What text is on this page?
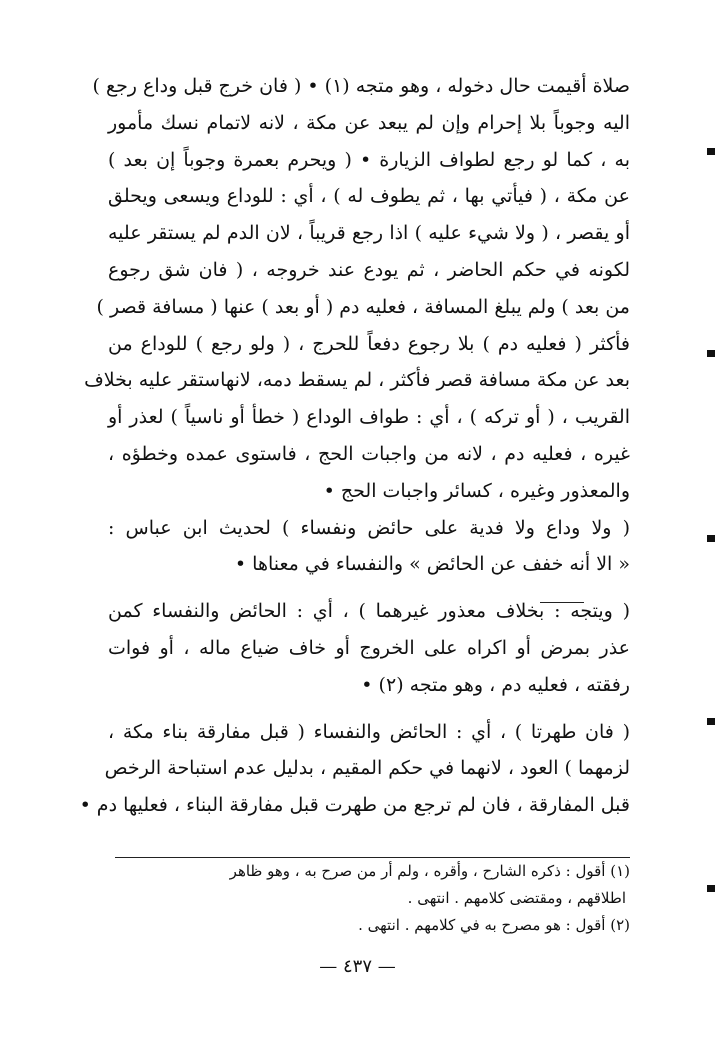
صلاة أقيمت حال دخوله ، وهو متجه (١) • ( فان خرج قبل وداع رجع )
اليه وجوباً بلا إحرام وإن لم يبعد عن مكة ، لانه لاتمام نسك مأمور
به ، كما لو رجع لطواف الزيارة • ( ويحرم بعمرة وجوباً إن بعد )
عن مكة ، ( فيأتي بها ، ثم يطوف له ) ، أي : للوداع ويسعى ويحلق
أو يقصر ، ( ولا شيء عليه ) اذا رجع قريباً ، لان الدم لم يستقر عليه
لكونه في حكم الحاضر ، ثم يودع عند خروجه ، ( فان شق رجوع
من بعد ) ولم يبلغ المسافة ، فعليه دم ( أو بعد ) عنها ( مسافة قصر )
فأكثر ( فعليه دم ) بلا رجوع دفعاً للحرج ، ( ولو رجع ) للوداع من
بعد عن مكة مسافة قصر فأكثر ، لم يسقط دمه، لانهاستقر عليه بخلاف
القريب ، ( أو تركه ) ، أي : طواف الوداع ( خطأ أو ناسياً ) لعذر أو
غيره ، فعليه دم ، لانه من واجبات الحج ، فاستوى عمده وخطؤه ،
والمعذور وغيره ، كسائر واجبات الحج •
( ولا وداع ولا فدية على حائض ونفساء ) لحديث ابن عباس :
« الا أنه خفف عن الحائض » والنفساء في معناها •
( ويتجه : بخلاف معذور غيرهما ) ، أي : الحائض والنفساء كمن
عذر بمرض أو اكراه على الخروج أو خاف ضياع ماله ، أو فوات
رفقته ، فعليه دم ، وهو متجه (٢) •
( فان طهرتا ) ، أي : الحائض والنفساء ( قبل مفارقة بناء مكة ،
لزمهما ) العود ، لانهما في حكم المقيم ، بدليل عدم استباحة الرخص
قبل المفارقة ، فان لم ترجع من طهرت قبل مفارقة البناء ، فعليها دم •
(١) أقول : ذكره الشارح ، وأقره ، ولم أر من صرح به ، وهو ظاهر
اطلاقهم ، ومقتضى كلامهم . انتهى .
(٢) أقول : هو مصرح به في كلامهم . انتهى .
— ٤٣٧ —
